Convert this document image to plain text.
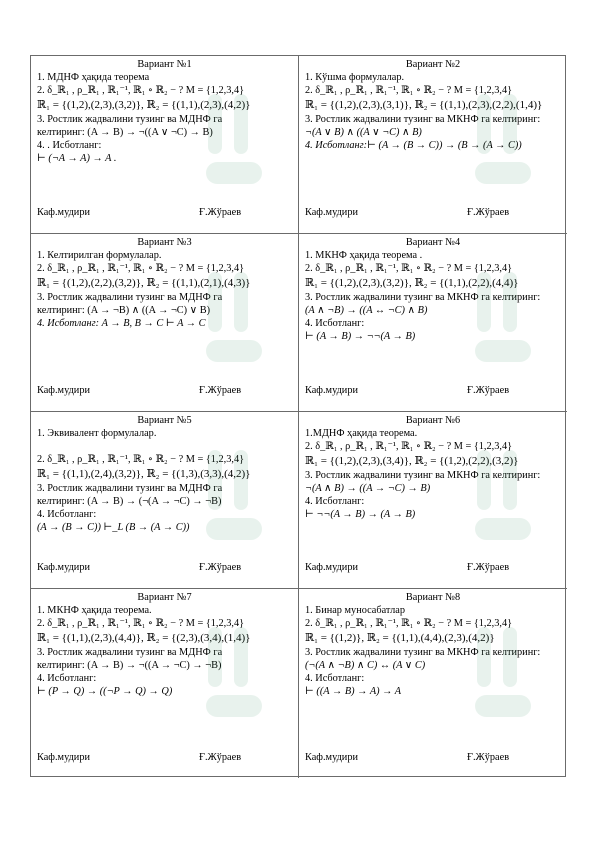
Вариант №1
1. МДНФ ҳақида теорема
2. δ_ℝ₁ , ρ_ℝ₁ , ℝ₁⁻¹, ℝ₁ ∘ ℝ₂ − ? M = {1,2,3,4}
ℝ₁ = {(1,2),(2,3),(3,2)}, ℝ₂ = {(1,1),(2,3),(4,2)}
3. Ростлик жадвалини тузинг ва МДНФ га
келтиринг: (A → B) → ¬((A ∨ ¬C) → B)
4. . Исботланг:
⊢ (¬A → A) → A .
Каф.мудири	Ғ.Жўраев
Вариант №2
1. Кўшма формулалар.
2. δ_ℝ₁ , ρ_ℝ₁ , ℝ₁⁻¹, ℝ₁ ∘ ℝ₂ − ? M = {1,2,3,4}
ℝ₁ = {(1,2),(2,3),(3,1)}, ℝ₂ = {(1,1),(2,3),(2,2),(1,4)}
3. Ростлик жадвалини тузинг ва МКНФ га келтиринг:
¬(A ∨ B) ∧ ((A ∨ ¬C) ∧ B)
4. Исботланг:⊢ (A → (B → C)) → (B → (A → C))
Каф.мудири	Ғ.Жўраев
Вариант №3
1. Келтирилган формулалар.
2. δ_ℝ₁ , ρ_ℝ₁ , ℝ₁⁻¹, ℝ₁ ∘ ℝ₂ − ? M = {1,2,3,4}
ℝ₁ = {(1,2),(2,2),(3,2)}, ℝ₂ = {(1,1),(2,1),(4,3)}
3. Ростлик жадвалини тузинг ва МДНФ га
келтиринг: (A → ¬B) ∧ ((A → ¬C) ∨ B)
4. Исботланг: A → B, B → C ⊢ A → C
Каф.мудири	Ғ.Жўраев
Вариант №4
1. МКНФ ҳақида теорема .
2. δ_ℝ₁ , ρ_ℝ₁ , ℝ₁⁻¹, ℝ₁ ∘ ℝ₂ − ? M = {1,2,3,4}
ℝ₁ = {(1,2),(2,3),(3,2)}, ℝ₂ = {(1,1),(2,2),(4,4)}
3. Ростлик жадвалини тузинг ва МКНФ га келтиринг:
(A ∧ ¬B) → ((A ↔ ¬C) ∧ B)
4. Исботланг:
⊢ (A → B) → ¬¬(A → B)
Каф.мудири	Ғ.Жўраев
Вариант №5
1. Эквивалент формулалар.
2. δ_ℝ₁ , ρ_ℝ₁ , ℝ₁⁻¹, ℝ₁ ∘ ℝ₂ − ? M = {1,2,3,4}
ℝ₁ = {(1,1),(2,4),(3,2)}, ℝ₂ = {(1,3),(3,3),(4,2)}
3. Ростлик жадвалини тузинг ва МДНФ га
келтиринг: (A → B) → (¬(A → ¬C) → ¬B)
4. Исботланг:
(A → (B → C)) ⊢_L (B → (A → C))
Каф.мудири	Ғ.Жўраев
Вариант №6
1.МДНФ ҳақида теорема.
2. δ_ℝ₁ , ρ_ℝ₁ , ℝ₁⁻¹, ℝ₁ ∘ ℝ₂ − ? M = {1,2,3,4}
ℝ₁ = {(1,2),(2,3),(3,4)}, ℝ₂ = {(1,2),(2,2),(3,2)}
3. Ростлик жадвалини тузинг ва МКНФ га келтиринг:
¬(A ∧ B) → ((A → ¬C) → B)
4. Исботланг:
⊢ ¬¬(A → B) → (A → B)
Каф.мудири	Ғ.Жўраев
Вариант №7
1. МКНФ ҳақида теорема.
2. δ_ℝ₁ , ρ_ℝ₁ , ℝ₁⁻¹, ℝ₁ ∘ ℝ₂ − ? M = {1,2,3,4}
ℝ₁ = {(1,1),(2,3),(4,4)}, ℝ₂ = {(2,3),(3,4),(1,4)}
3. Ростлик жадвалини тузинг ва МДНФ га
келтиринг: (A → B) → ¬((A → ¬C) → ¬B)
4. Исботланг:
⊢ (P → Q) → ((¬P → Q) → Q)
Каф.мудири	Ғ.Жўраев
Вариант №8
1. Бинар муносабатлар
2. δ_ℝ₁ , ρ_ℝ₁ , ℝ₁⁻¹, ℝ₁ ∘ ℝ₂ − ? M = {1,2,3,4}
ℝ₁ = {(1,2)}, ℝ₂ = {(1,1),(4,4),(2,3),(4,2)}
3. Ростлик жадвалини тузинг ва МКНФ га келтиринг:
(¬(A ∧ ¬B) ∧ C) ↔ (A ∨ C)
4. Исботланг:
⊢ ((A → B) → A) → A
Каф.мудири	Ғ.Жўраев
